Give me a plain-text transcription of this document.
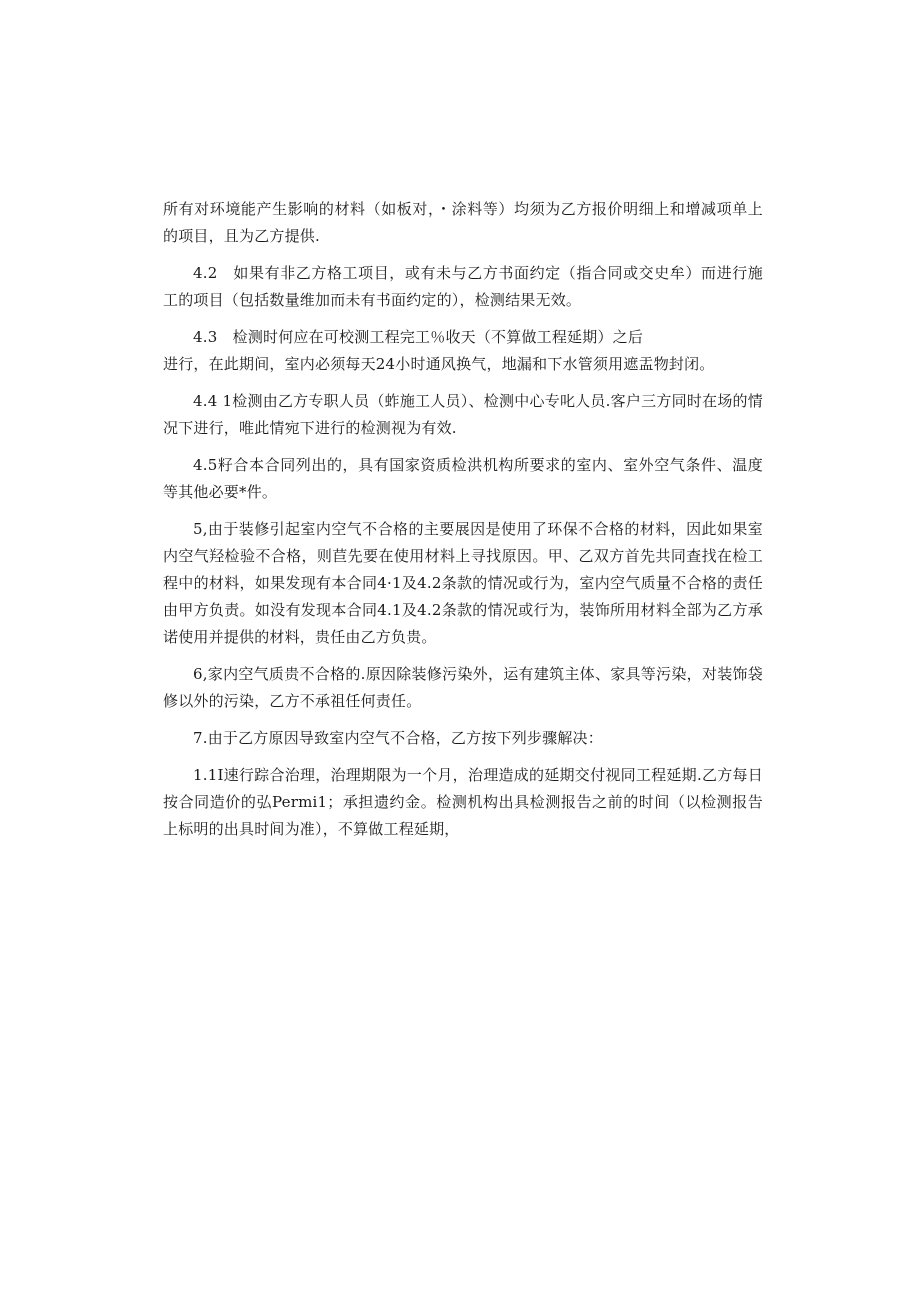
所有对环境能产生影响的材料（如板对，・涂料等）均须为乙方报价明细上和增减项单上的项目，且为乙方提供.

4.2　如果有非乙方格工项目，或有未与乙方书面约定（指合同或交史牟）而进行施工的项目（包括数量维加而未有书面约定的），检测结果无效。

4.3　检测时何应在可校测工程完工％收天（不算做工程延期）之后

进行，在此期间，室内必须每天24小时通风换气，地漏和下水管须用遮盂物封闭。

4.4 1检测由乙方专职人员（蚱施工人员）、检测中心专叱人员.客户三方同时在场的情况下进行，唯此情宛下进行的检测视为有效.

4.5籽合本合同列出的，具有国家资质检洪机构所要求的室内、室外空气条件、温度等其他必要*件。

5,由于装修引起室内空气不合格的主要展因是使用了环保不合格的材料，因此如果室内空气羟检验不合格，则苣先要在使用材料上寻找原因。甲、乙双方首先共同查找在检工程中的材料，如果发现有本合同4·1及4.2条款的情况或行为，室内空气质量不合格的责任由甲方负责。如没有发现本合同4.1及4.2条款的情况或行为，装饰所用材料全部为乙方承诺使用并提供的材料，贵任由乙方负贵。

6,家内空气质贵不合格的.原因除装修污染外，运有建筑主体、家具等污染，对装饰袋修以外的污染，乙方不承祖任何责任。

7.由于乙方原因导致室内空气不合格，乙方按下列步骤解决：

1.1I速行踪合治理，治理期限为一个月，治理造成的延期交付视同工程延期.乙方每日按合同造价的弘Permi1；承担遗约金。检测机构出具检测报告之前的时间（以检测报告上标明的出具时间为准），不算做工程延期，
